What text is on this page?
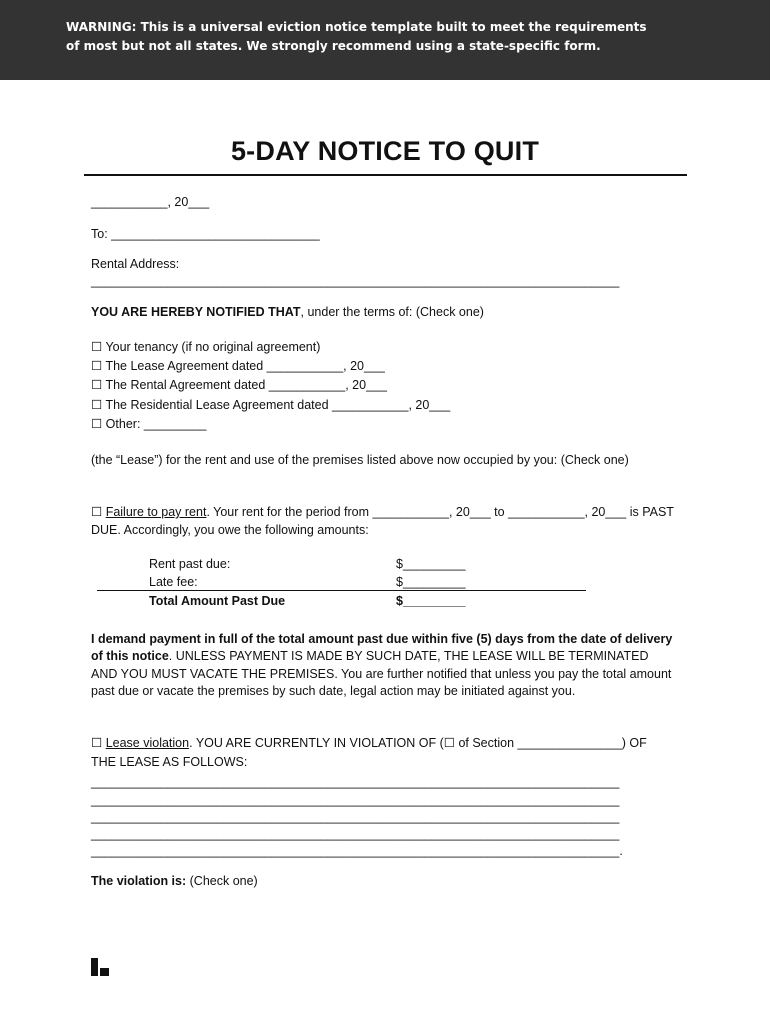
WARNING: This is a universal eviction notice template built to meet the requirements
of most but not all states. We strongly recommend using a state-specific form.
5-DAY NOTICE TO QUIT
___________, 20___
To: ______________________________
Rental Address:
____________________________________________________________________________
YOU ARE HEREBY NOTIFIED THAT, under the terms of: (Check one)
☐ Your tenancy (if no original agreement)
☐ The Lease Agreement dated ___________, 20___
☐ The Rental Agreement dated ___________, 20___
☐ The Residential Lease Agreement dated ___________, 20___
☐ Other: _________
(the “Lease”) for the rent and use of the premises listed above now occupied by you: (Check one)
☐ Failure to pay rent. Your rent for the period from ___________, 20___ to ___________, 20___ is PAST
DUE. Accordingly, you owe the following amounts:
Rent past due:	$_________
Late fee:	$_________
Total Amount Past Due	$_________
I demand payment in full of the total amount past due within five (5) days from the date of delivery
of this notice. UNLESS PAYMENT IS MADE BY SUCH DATE, THE LEASE WILL BE TERMINATED
AND YOU MUST VACATE THE PREMISES. You are further notified that unless you pay the total amount
past due or vacate the premises by such date, legal action may be initiated against you.
☐ Lease violation. YOU ARE CURRENTLY IN VIOLATION OF (☐ of Section _______________) OF
THE LEASE AS FOLLOWS:
____________________________________________________________________________
____________________________________________________________________________
____________________________________________________________________________
____________________________________________________________________________
____________________________________________________________________________.
The violation is: (Check one)
